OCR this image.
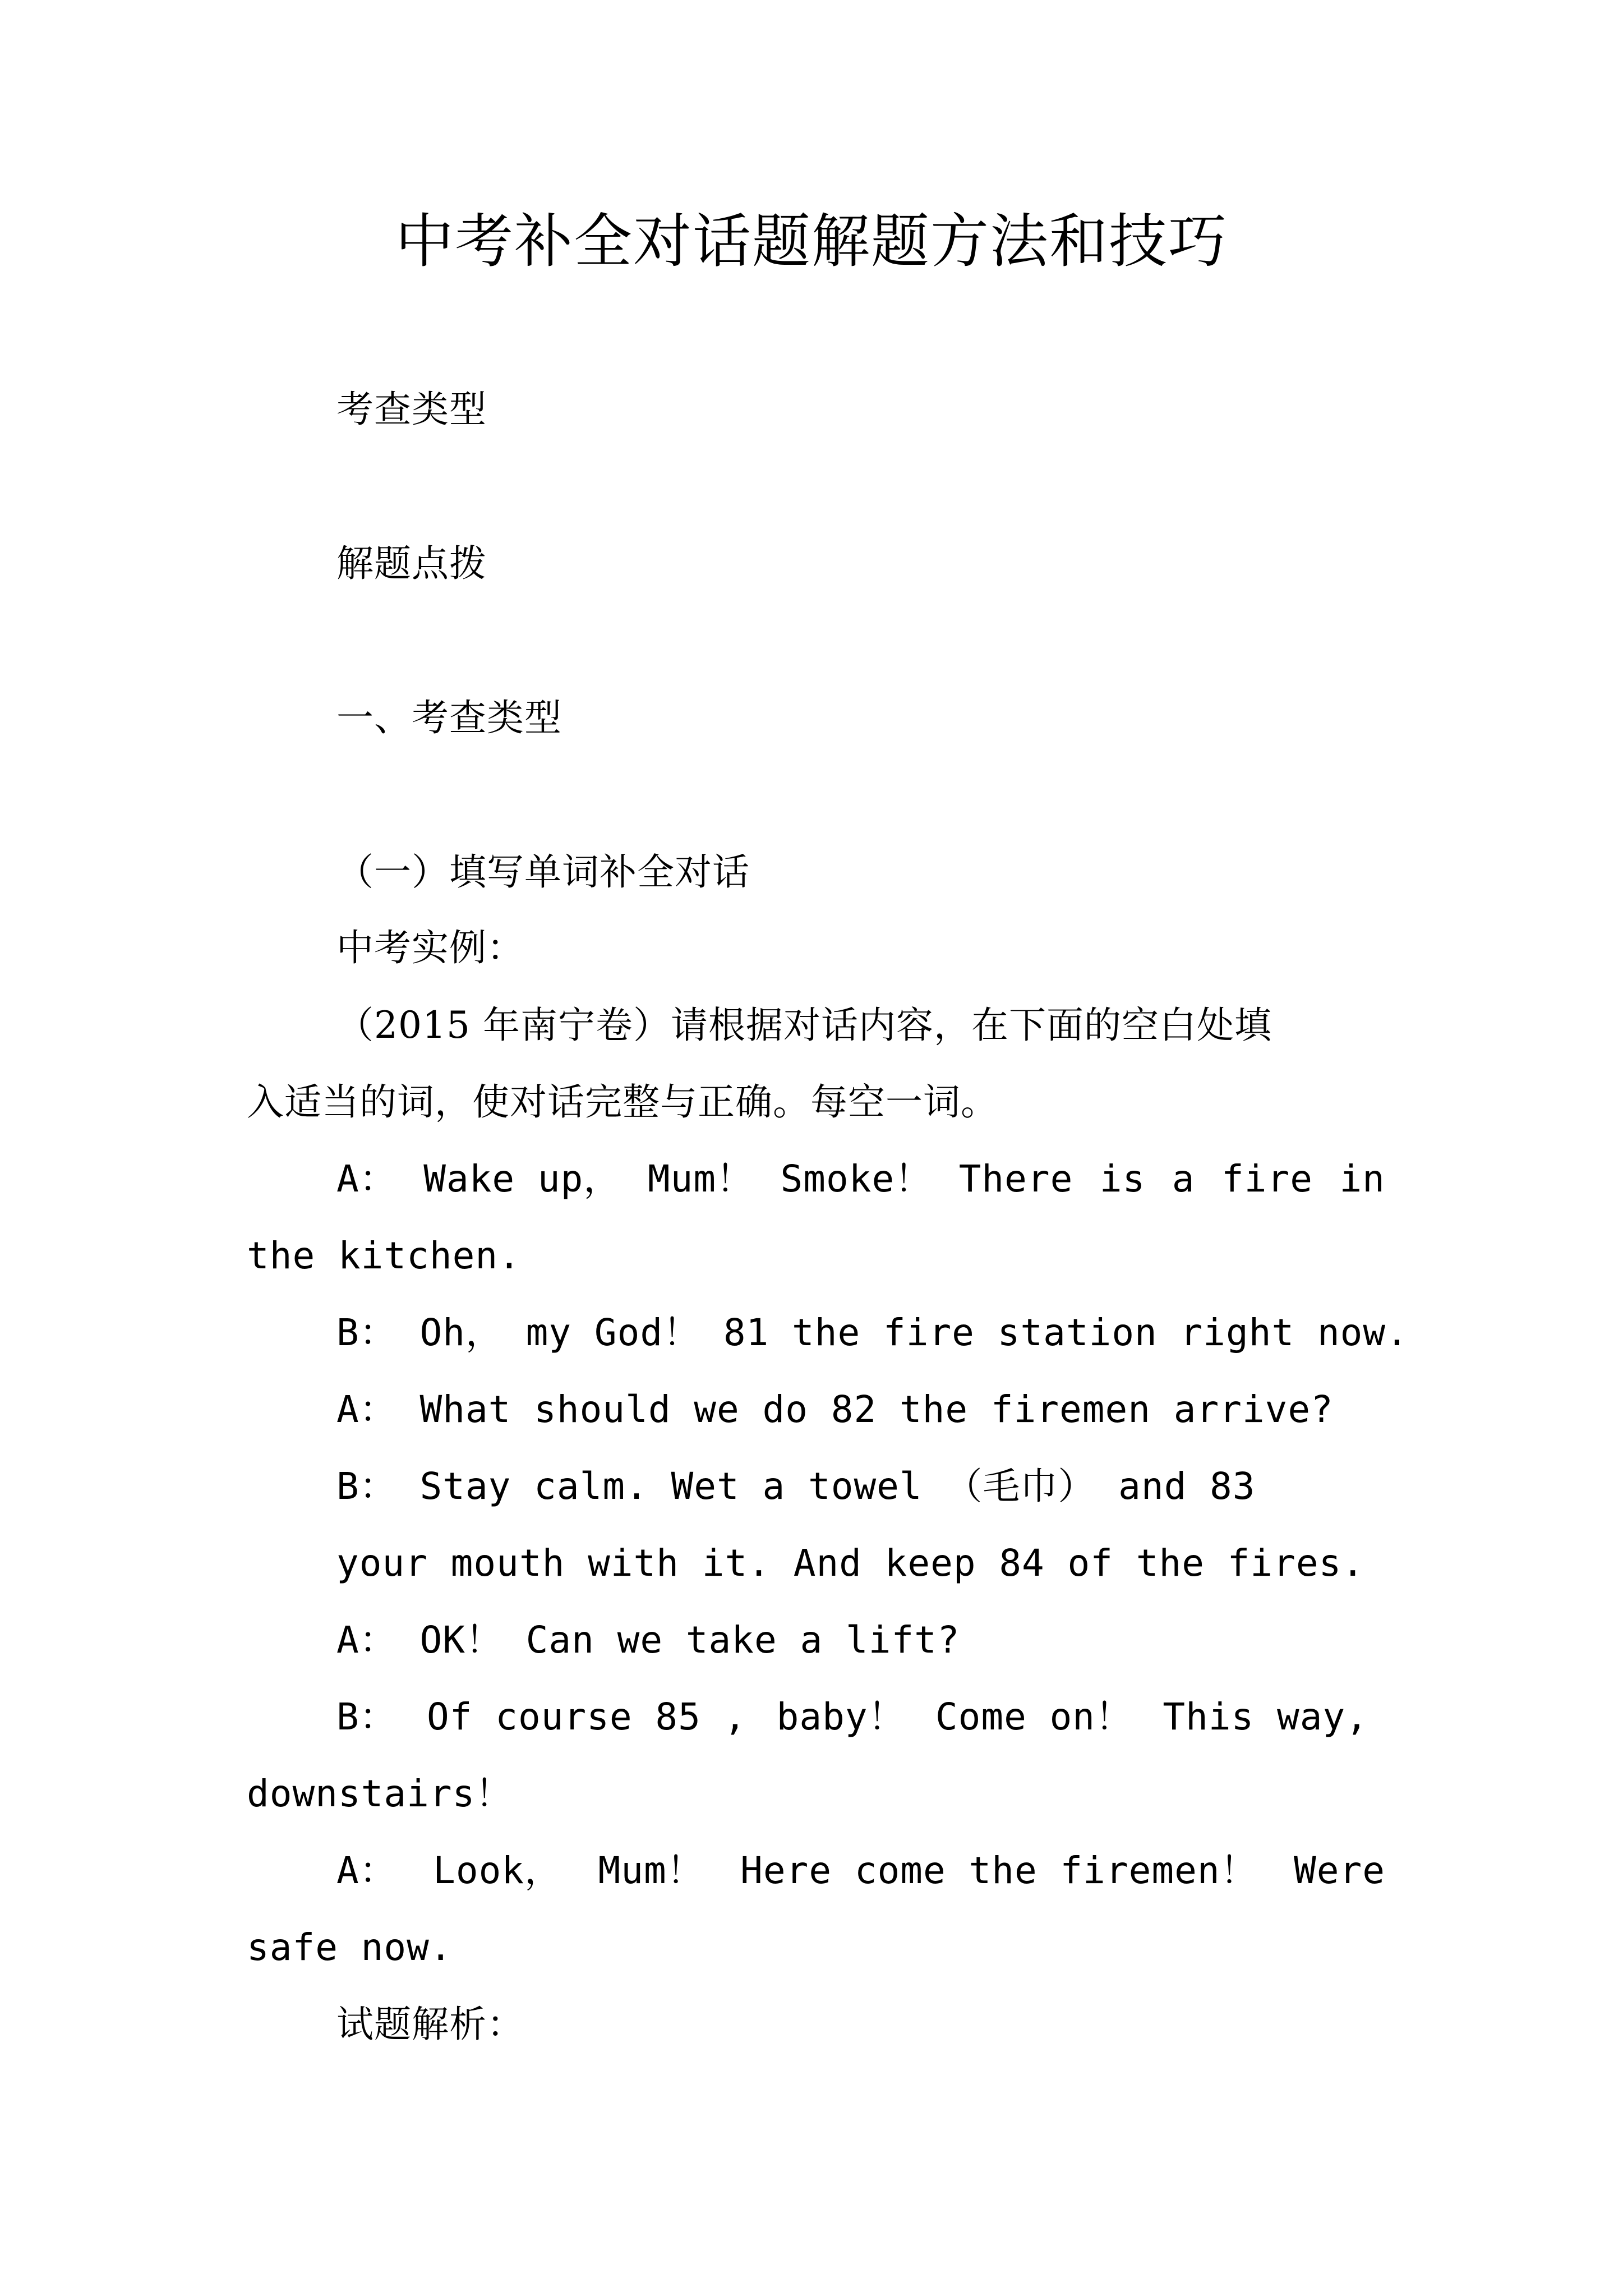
中考补全对话题解题方法和技巧
考查类型
解题点拨
一、考查类型
（一）填写单词补全对话
中考实例：
（2015 年南宁卷）请根据对话内容，在下面的空白处填
入适当的词，使对话完整与正确。每空一词。
A： Wake up， Mum！ Smoke！ There is a fire in
the kitchen.
B： Oh， my God！ 81 the fire station right now.
A： What should we do 82 the firemen arrive?
B： Stay calm. Wet a towel （毛巾） and 83
your mouth with it. And keep 84 of the fires.
A： OK！ Can we take a lift?
B： Of course 85 , baby！ Come on！ This way,
downstairs！
A： Look， Mum！ Here come the firemen！ Were
safe now.
试题解析：
